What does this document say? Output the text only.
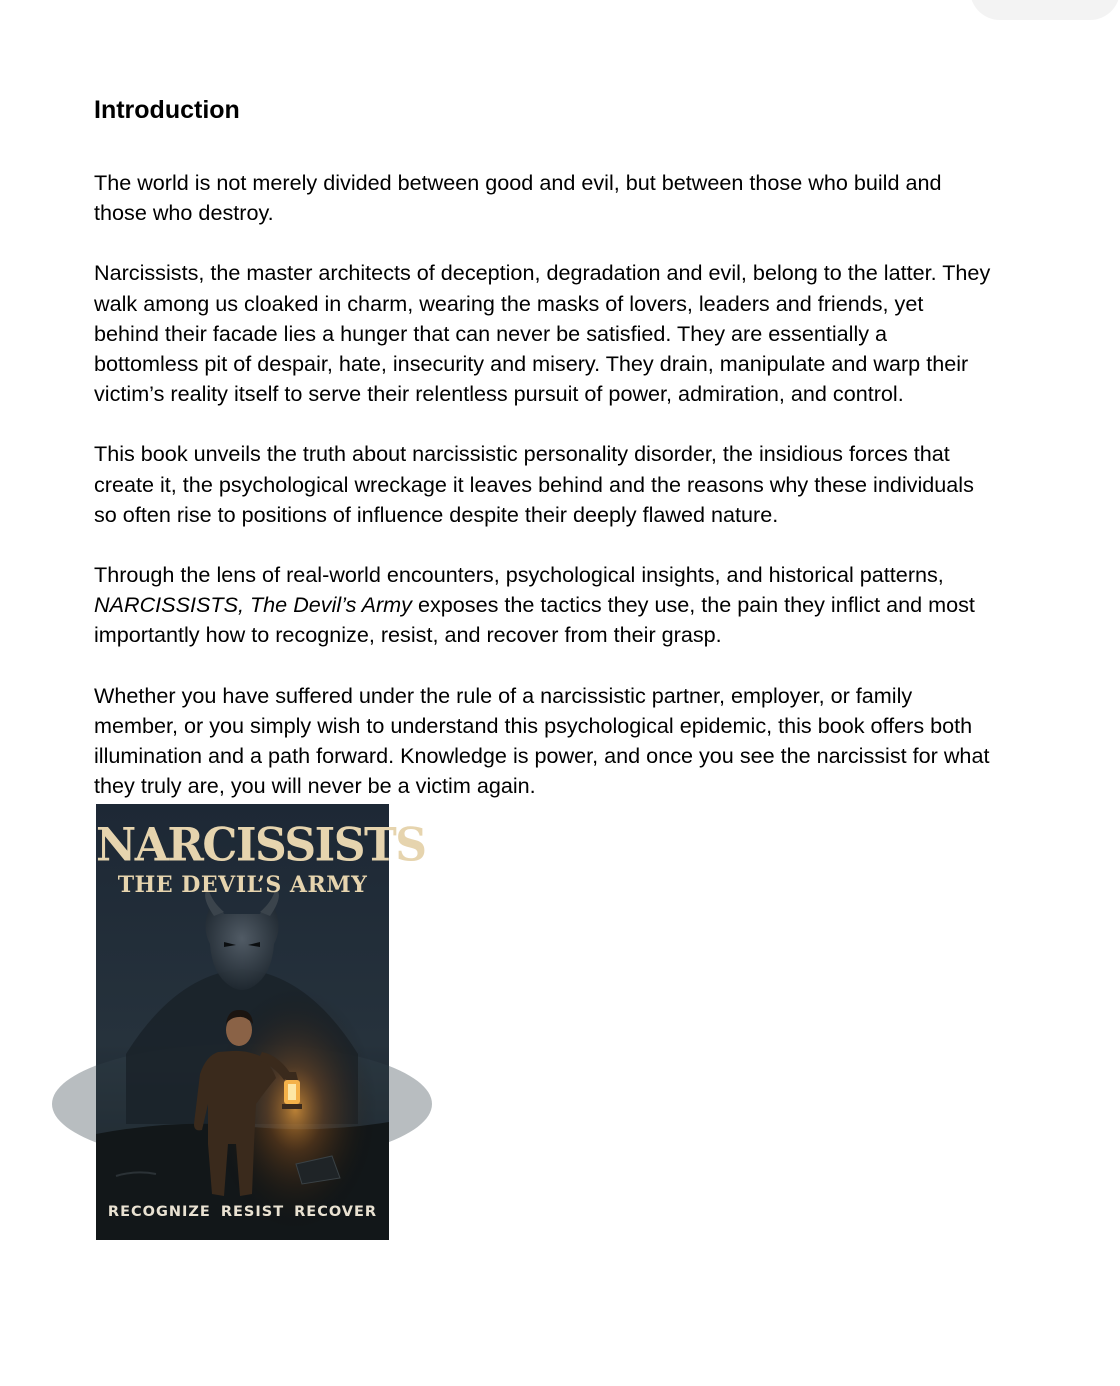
Introduction

The world is not merely divided between good and evil, but between those who build and those who destroy.

Narcissists, the master architects of deception, degradation and evil, belong to the latter. They walk among us cloaked in charm, wearing the masks of lovers, leaders and friends, yet behind their facade lies a hunger that can never be satisfied. They are essentially a bottomless pit of despair, hate, insecurity and misery. They drain, manipulate and warp their victim’s reality itself to serve their relentless pursuit of power, admiration, and control.

This book unveils the truth about narcissistic personality disorder, the insidious forces that create it, the psychological wreckage it leaves behind and the reasons why these individuals so often rise to positions of influence despite their deeply flawed nature.

Through the lens of real-world encounters, psychological insights, and historical patterns, NARCISSISTS, The Devil’s Army exposes the tactics they use, the pain they inflict and most importantly how to recognize, resist, and recover from their grasp.

Whether you have suffered under the rule of a narcissistic partner, employer, or family member, or you simply wish to understand this psychological epidemic, this book offers both illumination and a path forward. Knowledge is power, and once you see the narcissist for what they truly are, you will never be a victim again.

NARCISSISTS
THE DEVIL’S ARMY
RECOGNIZE RESIST RECOVER
